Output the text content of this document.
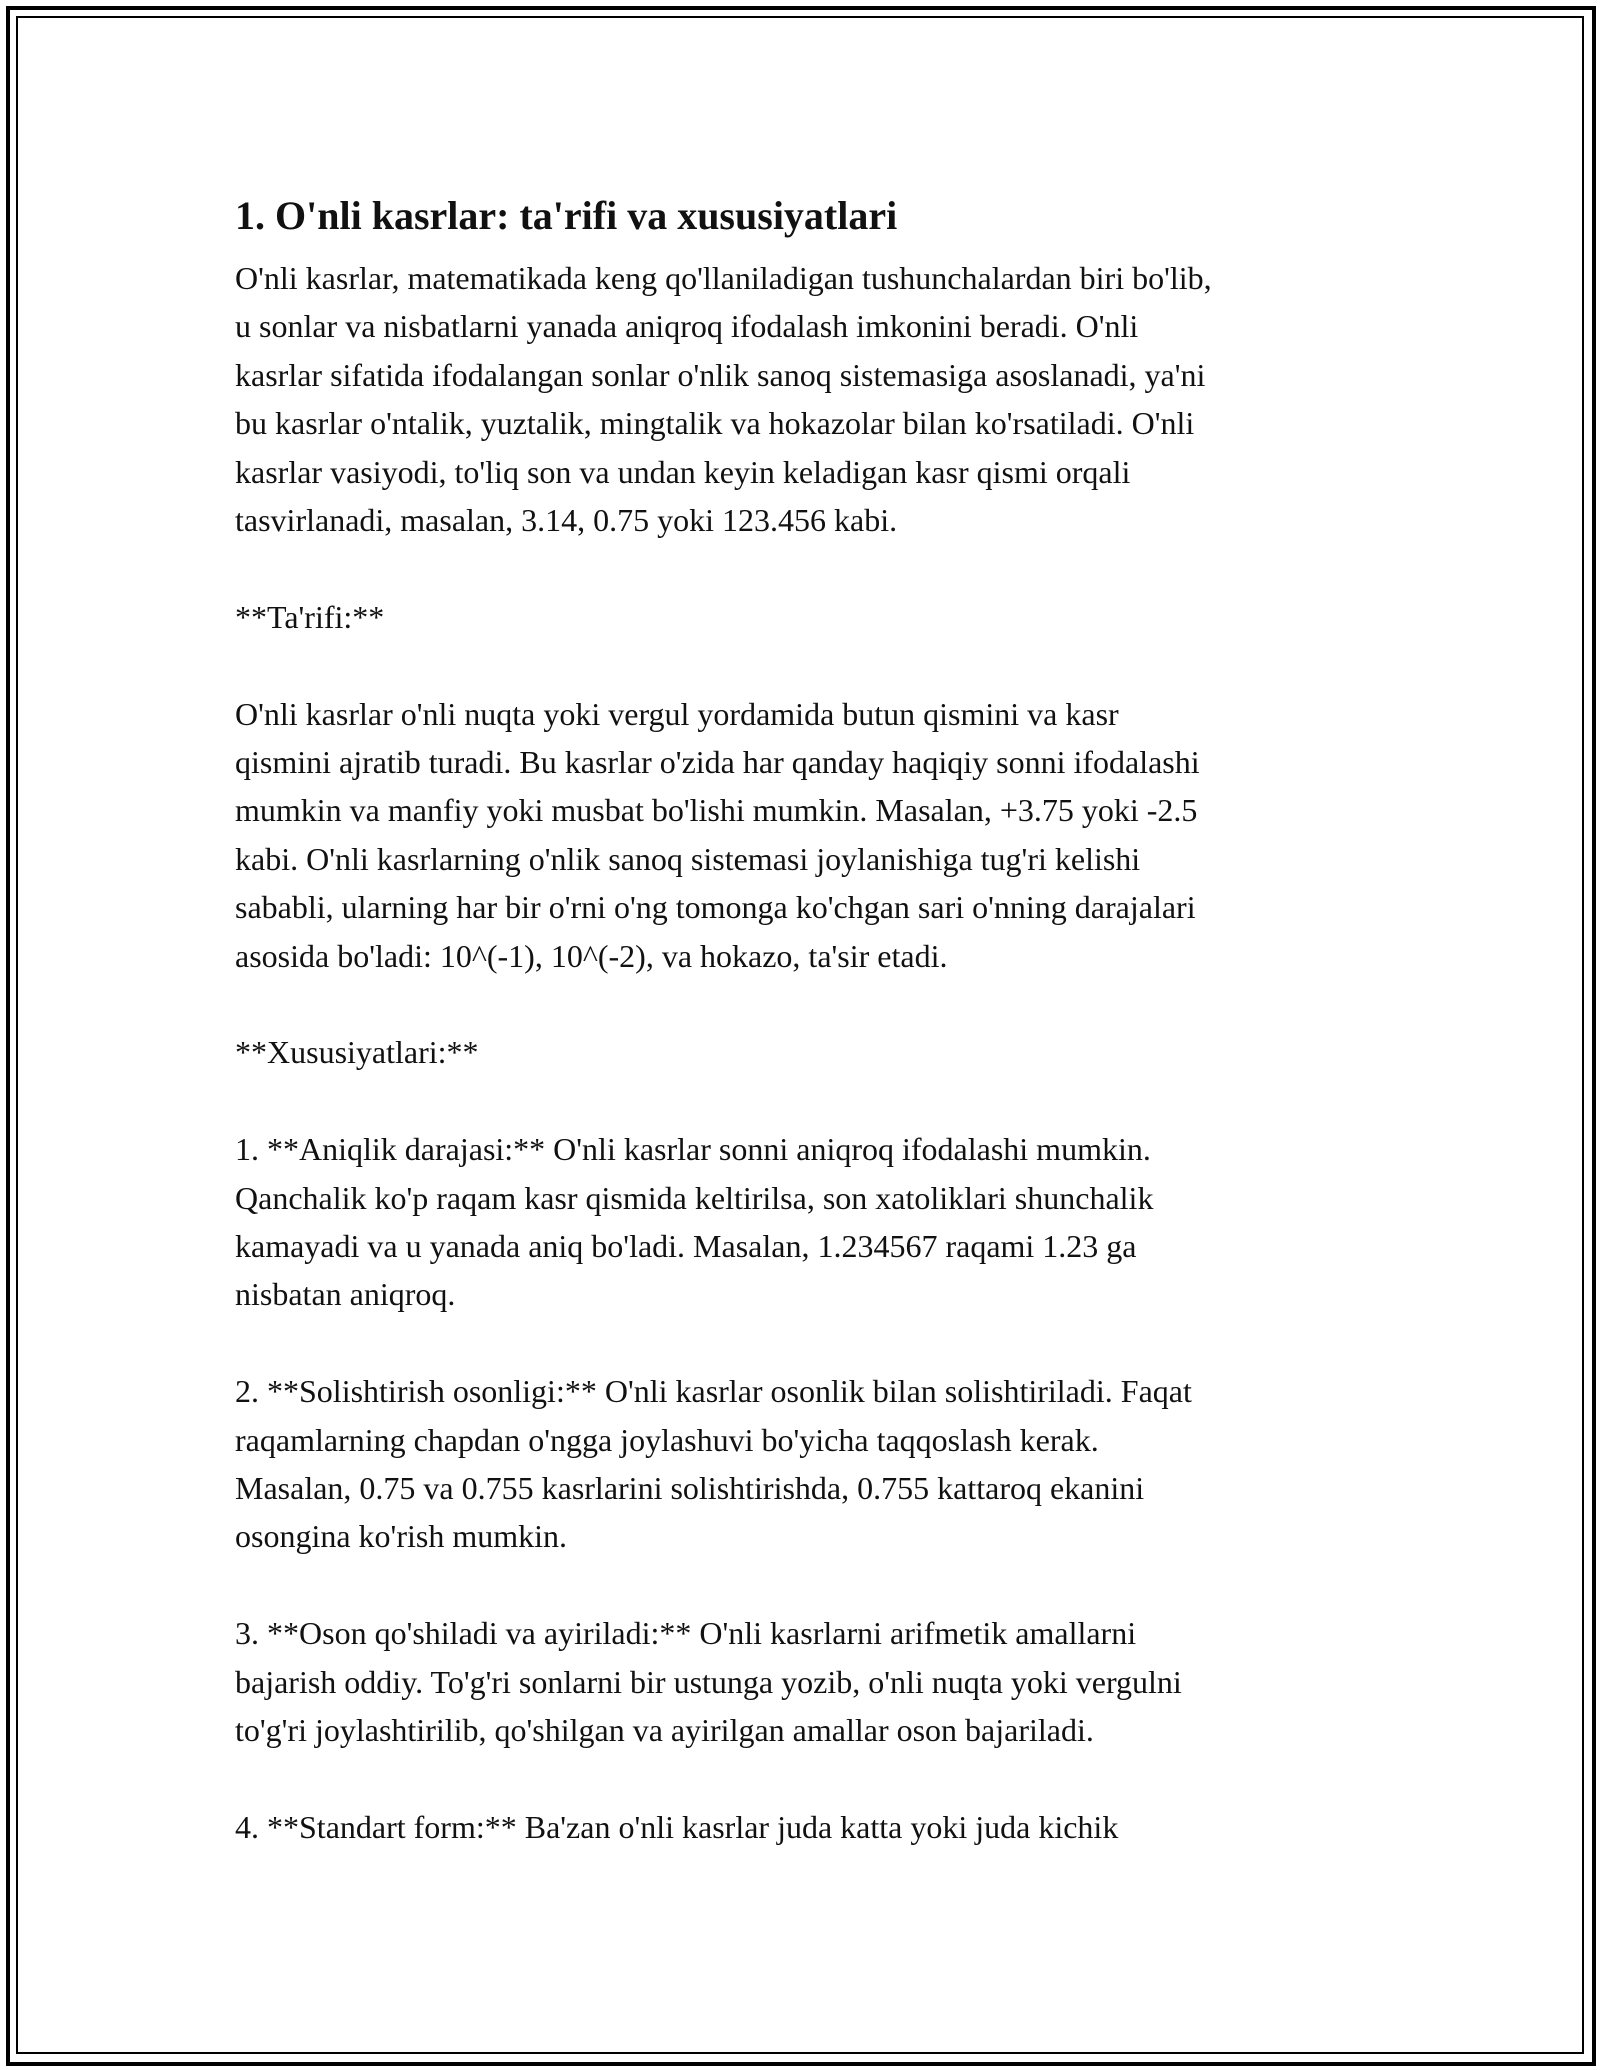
1. O'nli kasrlar: ta'rifi va xususiyatlari
O'nli kasrlar, matematikada keng qo'llaniladigan tushunchalardan biri bo'lib,
u sonlar va nisbatlarni yanada aniqroq ifodalash imkonini beradi. O'nli
kasrlar sifatida ifodalangan sonlar o'nlik sanoq sistemasiga asoslanadi, ya'ni
bu kasrlar o'ntalik, yuztalik, mingtalik va hokazolar bilan ko'rsatiladi. O'nli
kasrlar vasiyodi, to'liq son va undan keyin keladigan kasr qismi orqali
tasvirlanadi, masalan, 3.14, 0.75 yoki 123.456 kabi.
**Ta'rifi:**
O'nli kasrlar o'nli nuqta yoki vergul yordamida butun qismini va kasr
qismini ajratib turadi. Bu kasrlar o'zida har qanday haqiqiy sonni ifodalashi
mumkin va manfiy yoki musbat bo'lishi mumkin. Masalan, +3.75 yoki -2.5
kabi. O'nli kasrlarning o'nlik sanoq sistemasi joylanishiga tug'ri kelishi
sababli, ularning har bir o'rni o'ng tomonga ko'chgan sari o'nning darajalari
asosida bo'ladi: 10^(-1), 10^(-2), va hokazo, ta'sir etadi.
**Xususiyatlari:**
1. **Aniqlik darajasi:** O'nli kasrlar sonni aniqroq ifodalashi mumkin.
Qanchalik ko'p raqam kasr qismida keltirilsa, son xatoliklari shunchalik
kamayadi va u yanada aniq bo'ladi. Masalan, 1.234567 raqami 1.23 ga
nisbatan aniqroq.
2. **Solishtirish osonligi:** O'nli kasrlar osonlik bilan solishtiriladi. Faqat
raqamlarning chapdan o'ngga joylashuvi bo'yicha taqqoslash kerak.
Masalan, 0.75 va 0.755 kasrlarini solishtirishda, 0.755 kattaroq ekanini
osongina ko'rish mumkin.
3. **Oson qo'shiladi va ayiriladi:** O'nli kasrlarni arifmetik amallarni
bajarish oddiy. To'g'ri sonlarni bir ustunga yozib, o'nli nuqta yoki vergulni
to'g'ri joylashtirilib, qo'shilgan va ayirilgan amallar oson bajariladi.
4. **Standart form:** Ba'zan o'nli kasrlar juda katta yoki juda kichik
